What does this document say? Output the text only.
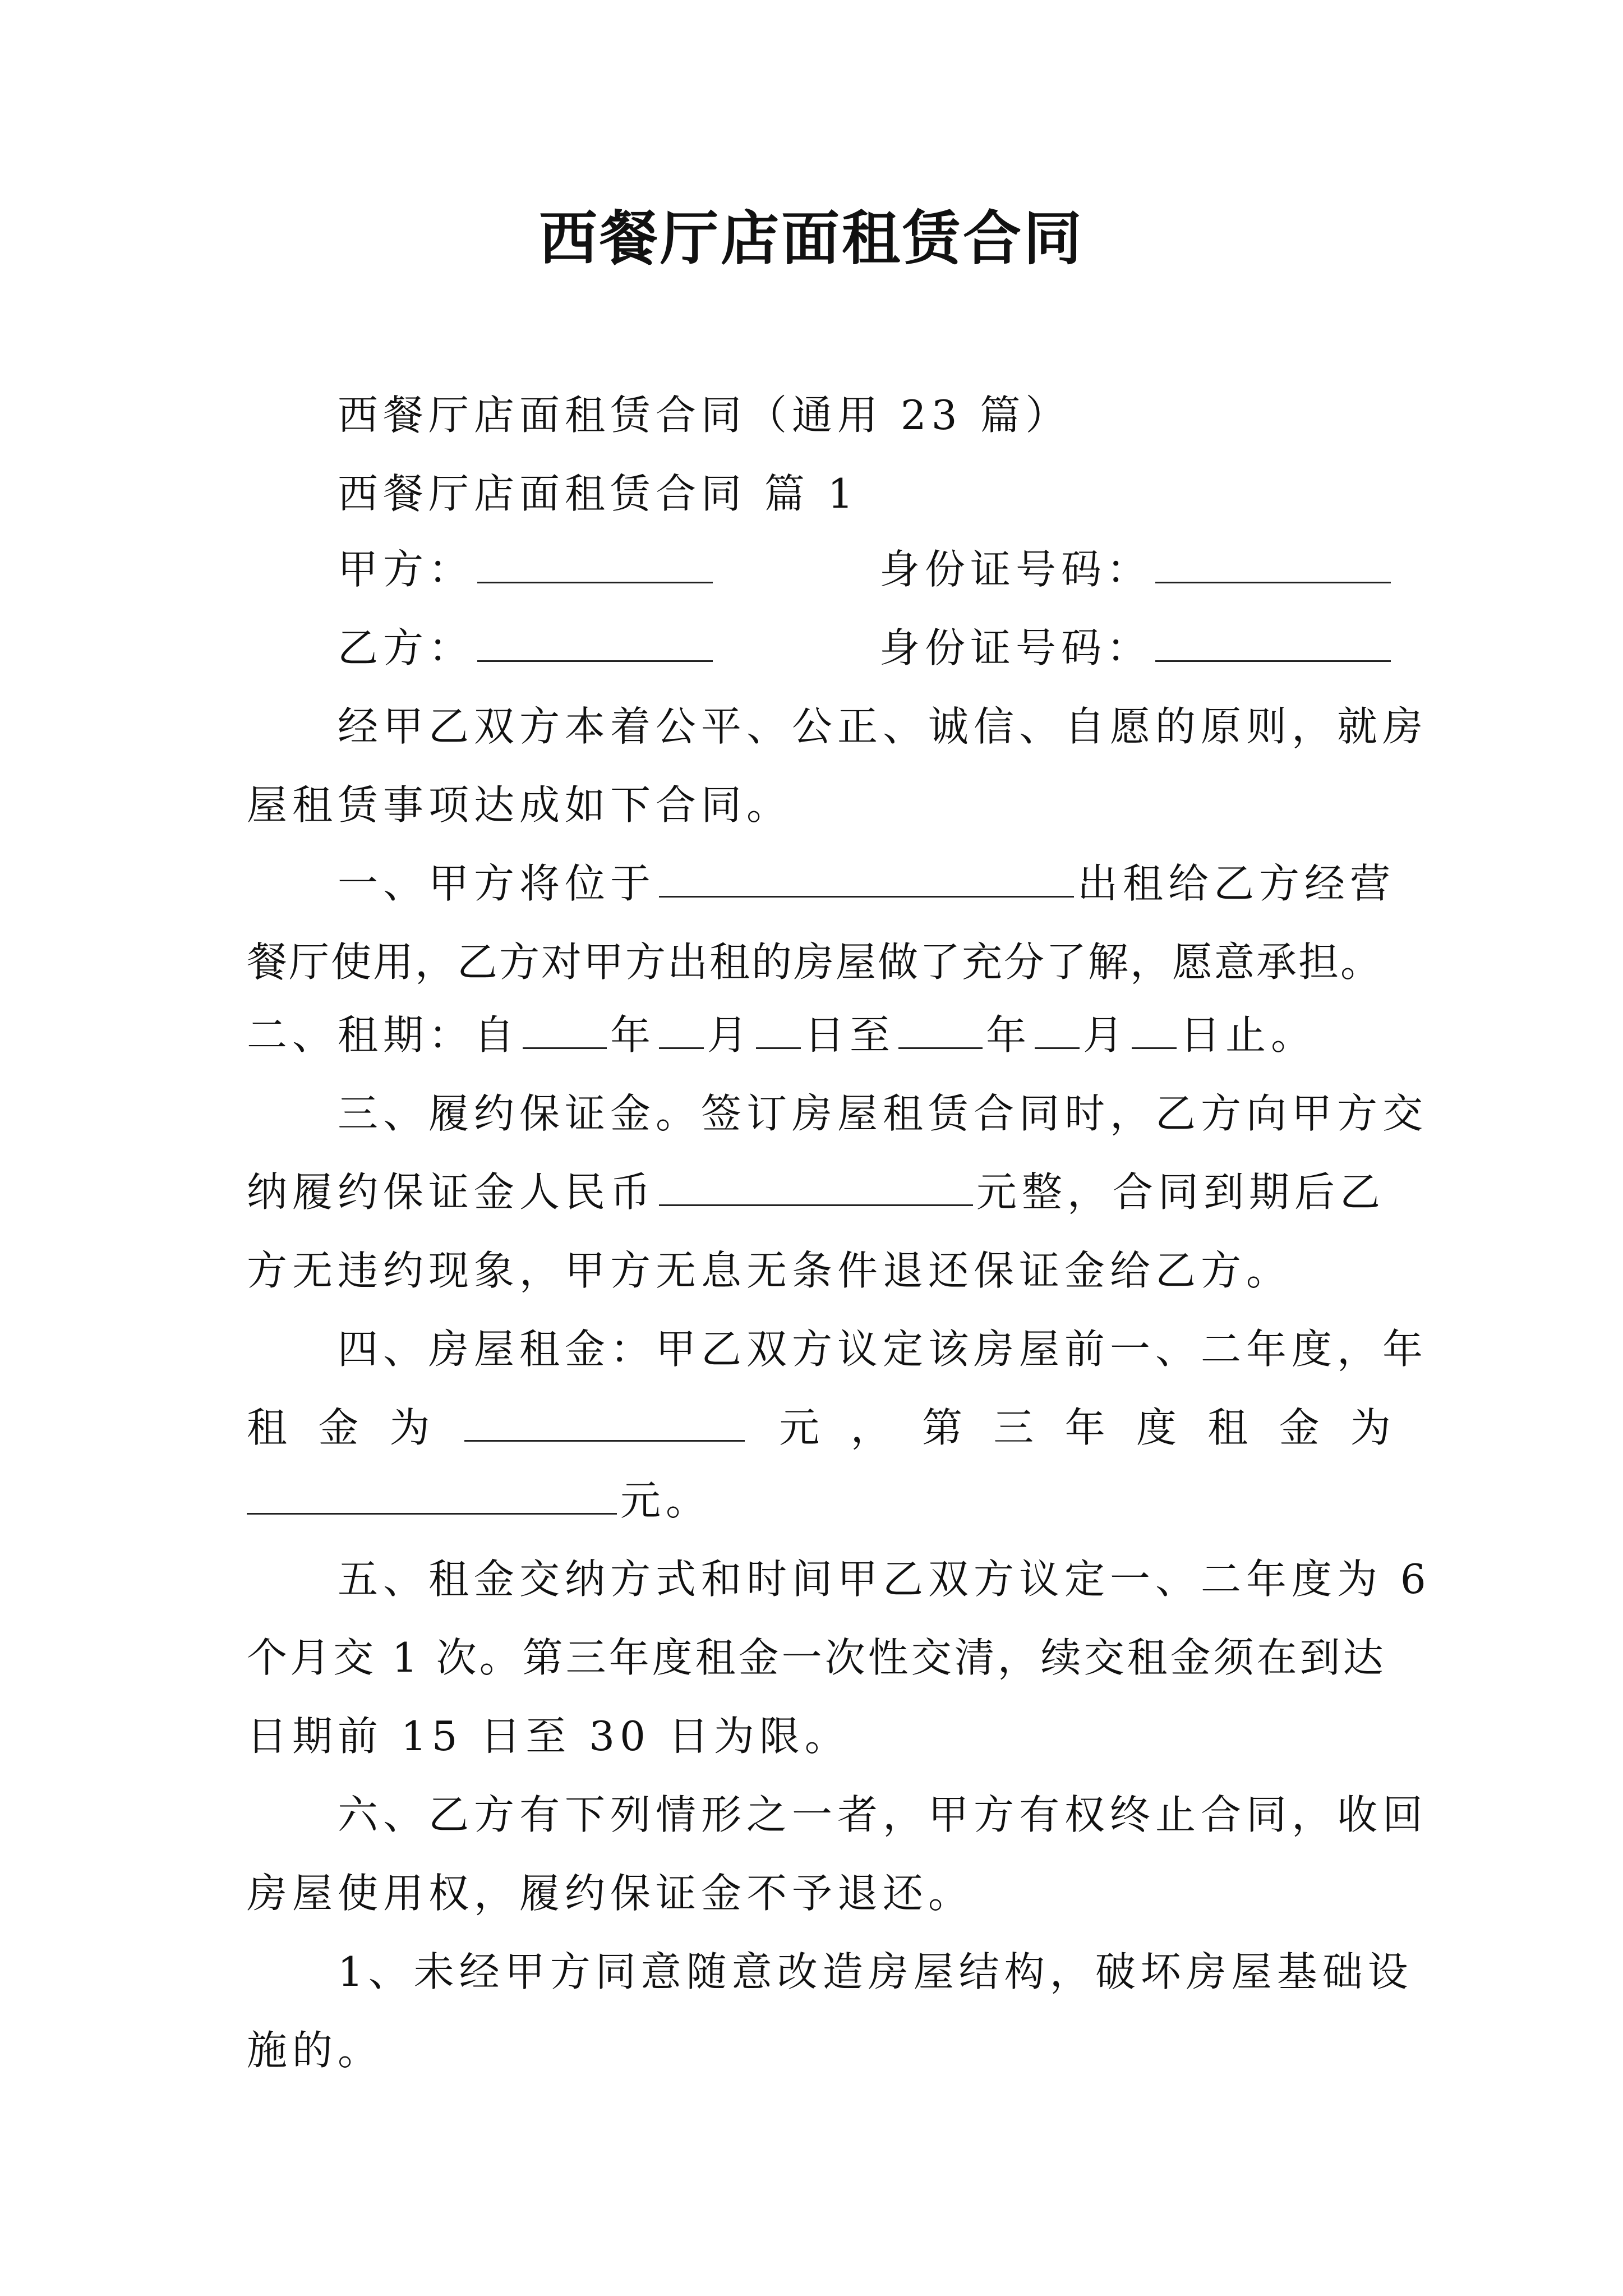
西餐厅店面租赁合同
西餐厅店面租赁合同（通用 23 篇）
西餐厅店面租赁合同 篇 1
甲方：	身份证号码：
乙方：	身份证号码：
经甲乙双方本着公平、公正、诚信、自愿的原则，就房
屋租赁事项达成如下合同。
一、甲方将位于	出租给乙方经营
餐厅使用，乙方对甲方出租的房屋做了充分了解，愿意承担。
二、租期：自 年 月 日至 年 月 日止。
三、履约保证金。签订房屋租赁合同时，乙方向甲方交
纳履约保证金人民币	元整，合同到期后乙
方无违约现象，甲方无息无条件退还保证金给乙方。
四、房屋租金：甲乙双方议定该房屋前一、二年度，年
租 金 为	元 ， 第 三 年 度 租 金 为
元。
五、租金交纳方式和时间甲乙双方议定一、二年度为 6
个月交 1 次。第三年度租金一次性交清，续交租金须在到达
日期前 15 日至 30 日为限。
六、乙方有下列情形之一者，甲方有权终止合同，收回
房屋使用权，履约保证金不予退还。
1、未经甲方同意随意改造房屋结构，破坏房屋基础设
施的。
